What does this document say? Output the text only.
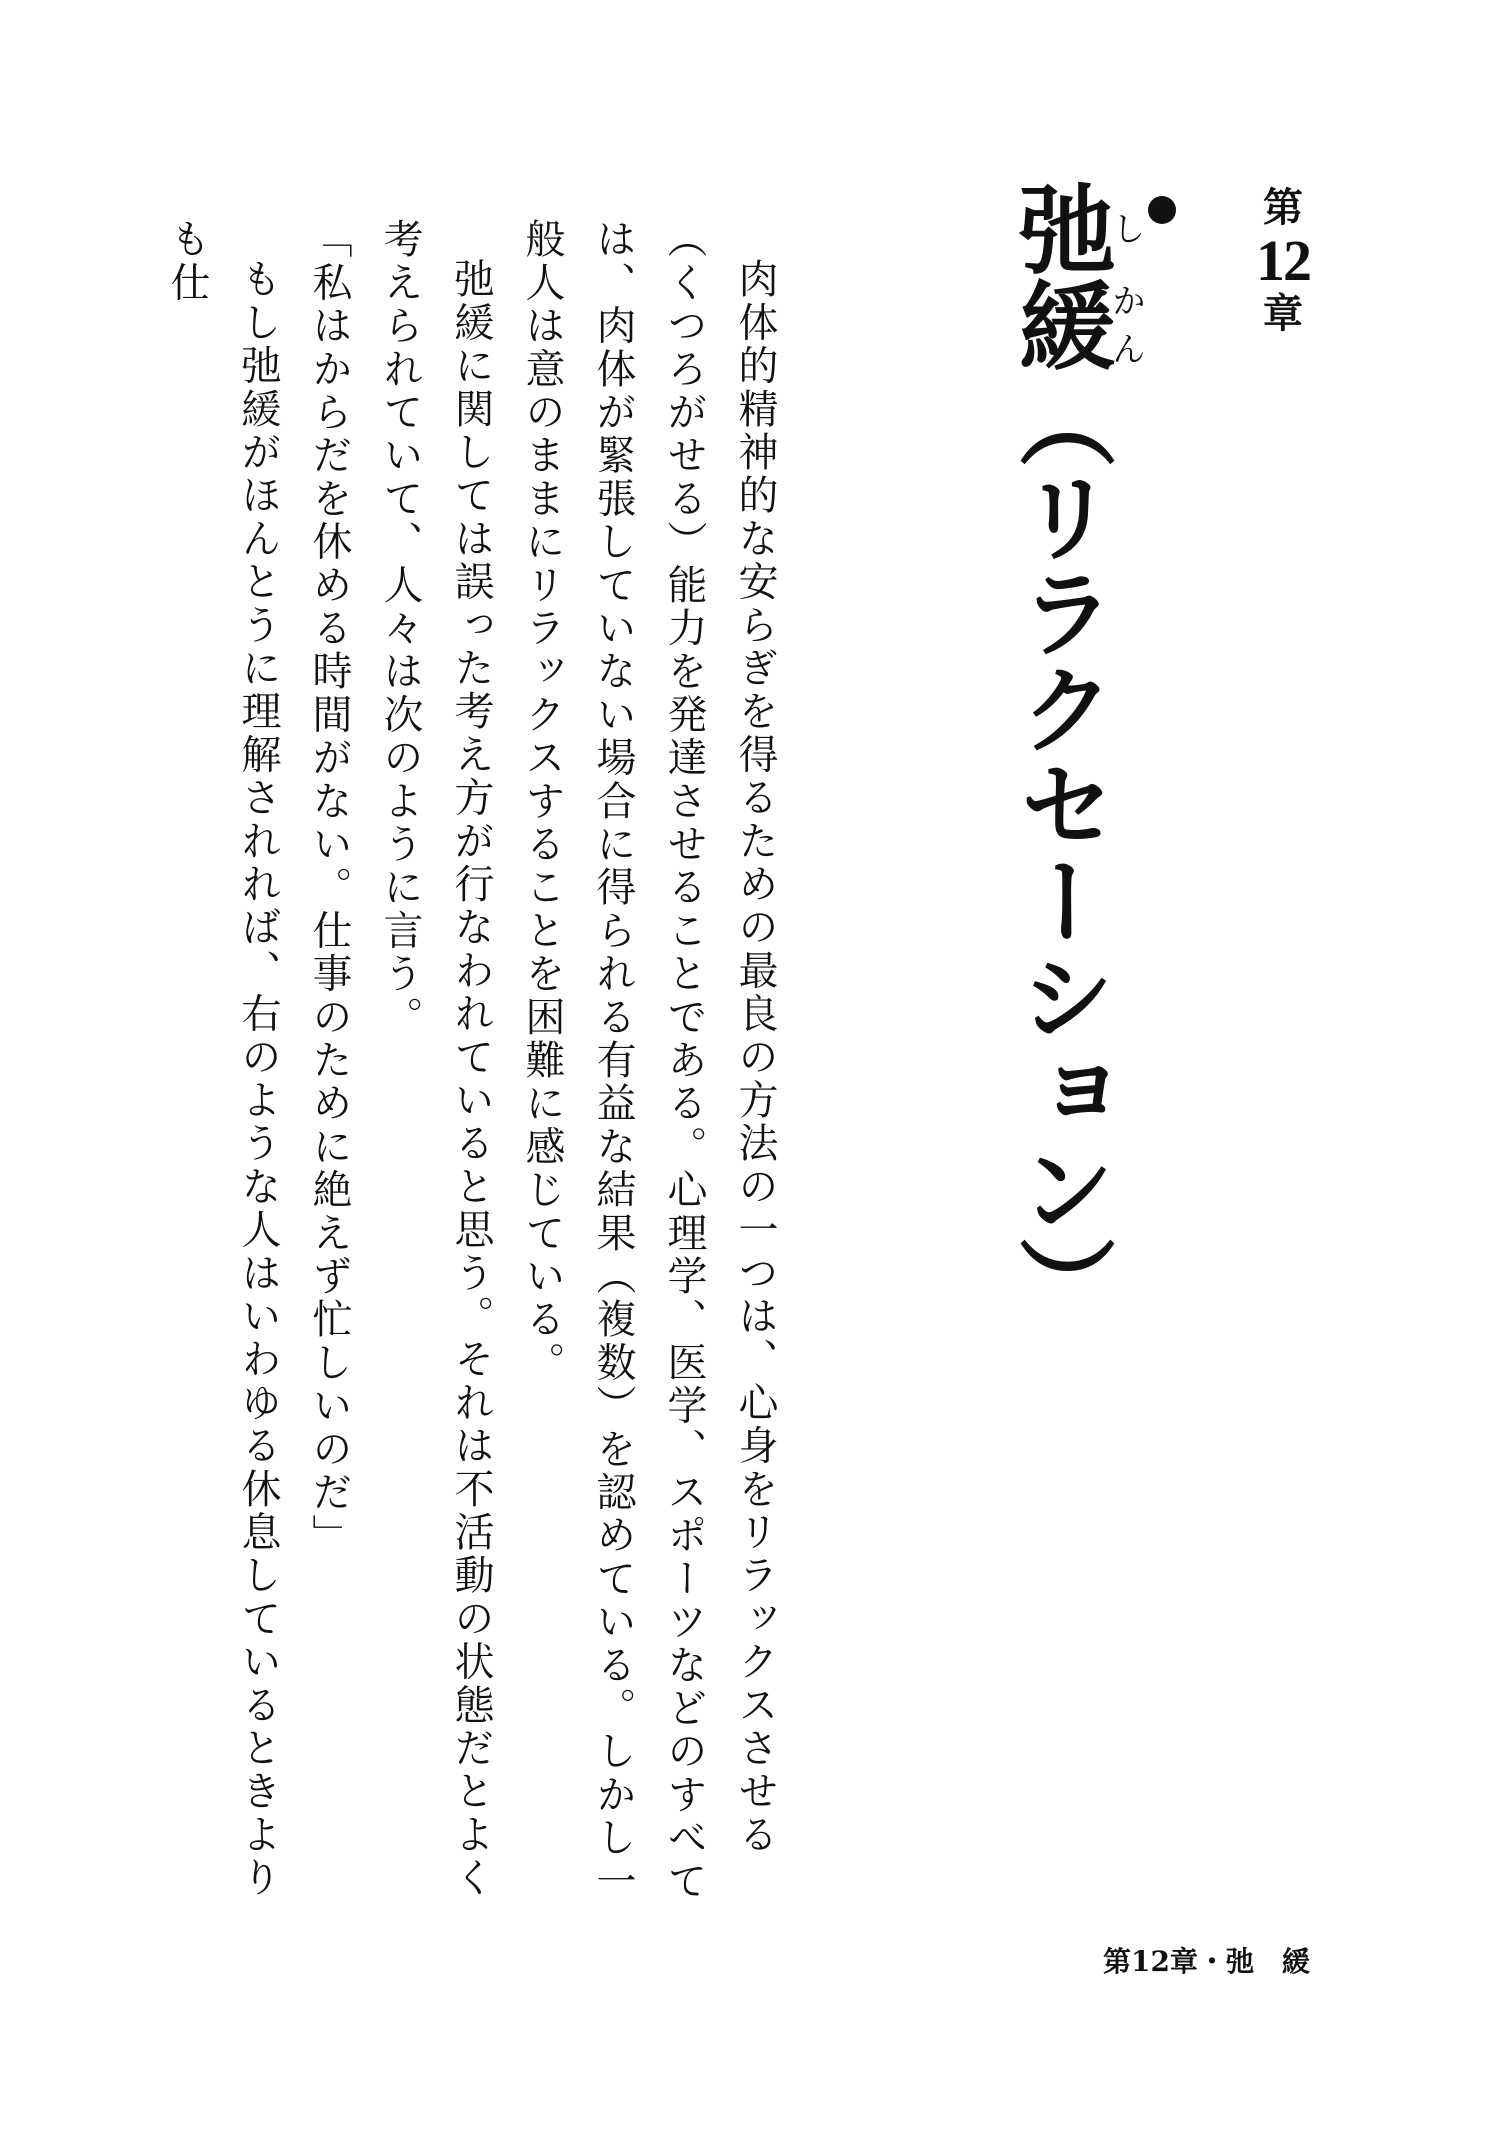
第
12
章
弛し緩かん（リラクセーション）

肉体的精神的な安らぎを得るための最良の方法の一つは、心身をリラックスさせる（くつろがせる）能力を発達させることである。心理学、医学、スポーツなどのすべては、肉体が緊張していない場合に得られる有益な結果（複数）を認めている。しかし一般人は意のままにリラックスすることを困難に感じている。

弛緩に関しては誤った考え方が行なわれていると思う。それは不活動の状態だとよく考えられていて、人々は次のように言う。

「私はからだを休める時間がない。仕事のために絶えず忙しいのだ」

もし弛緩がほんとうに理解されれば、右のような人はいわゆる休息しているときよりも仕

第12章・弛　緩
